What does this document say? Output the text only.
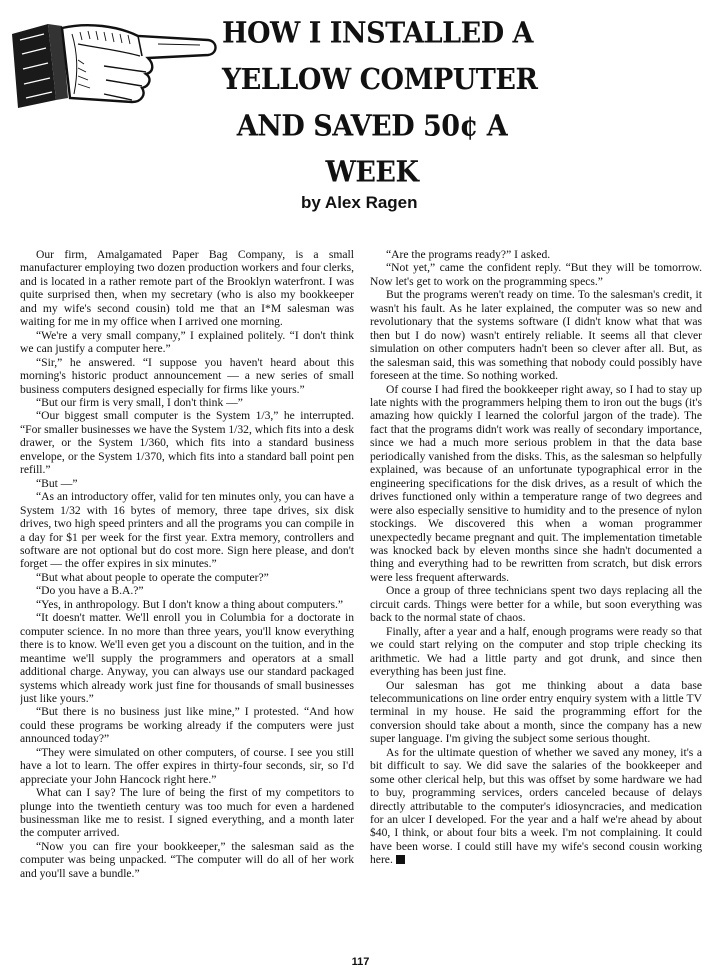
HOW I INSTALLED A
YELLOW COMPUTER
AND SAVED 50¢ A
WEEK

by Alex Ragen

Our firm, Amalgamated Paper Bag Company, is a small manufacturer employing two dozen production workers and four clerks, and is located in a rather remote part of the Brooklyn waterfront. I was quite surprised then, when my secretary (who is also my bookkeeper and my wife's second cousin) told me that an I*M salesman was waiting for me in my office when I arrived one morning.

“We're a very small company,” I explained politely. “I don't think we can justify a computer here.”

“Sir,” he answered. “I suppose you haven't heard about this morning's historic product announcement — a new series of small business computers designed especially for firms like yours.”

“But our firm is very small, I don't think —”

“Our biggest small computer is the System 1/3,” he interrupted. “For smaller businesses we have the System 1/32, which fits into a desk drawer, or the System 1/360, which fits into a standard business envelope, or the System 1/370, which fits into a standard ball point pen refill.”

“But —”

“As an introductory offer, valid for ten minutes only, you can have a System 1/32 with 16 bytes of memory, three tape drives, six disk drives, two high speed printers and all the programs you can compile in a day for $1 per week for the first year. Extra memory, controllers and software are not optional but do cost more. Sign here please, and don't forget — the offer expires in six minutes.”

“But what about people to operate the computer?”

“Do you have a B.A.?”

“Yes, in anthropology. But I don't know a thing about computers.”

“It doesn't matter. We'll enroll you in Columbia for a doctorate in computer science. In no more than three years, you'll know everything there is to know. We'll even get you a discount on the tuition, and in the meantime we'll supply the programmers and operators at a small additional charge. Anyway, you can always use our standard packaged systems which already work just fine for thousands of small businesses just like yours.”

“But there is no business just like mine,” I protested. “And how could these programs be working already if the computers were just announced today?”

“They were simulated on other computers, of course. I see you still have a lot to learn. The offer expires in thirty-four seconds, sir, so I'd appreciate your John Hancock right here.”

What can I say? The lure of being the first of my competitors to plunge into the twentieth century was too much for even a hardened businessman like me to resist. I signed everything, and a month later the computer arrived.

“Now you can fire your bookkeeper,” the salesman said as the computer was being unpacked. “The computer will do all of her work and you'll save a bundle.”

“Are the programs ready?” I asked.

“Not yet,” came the confident reply. “But they will be tomorrow. Now let's get to work on the programming specs.”

But the programs weren't ready on time. To the salesman's credit, it wasn't his fault. As he later explained, the computer was so new and revolutionary that the systems software (I didn't know what that was then but I do now) wasn't entirely reliable. It seems all that clever simulation on other computers hadn't been so clever after all. But, as the salesman said, this was something that nobody could possibly have foreseen at the time. So nothing worked.

Of course I had fired the bookkeeper right away, so I had to stay up late nights with the programmers helping them to iron out the bugs (it's amazing how quickly I learned the colorful jargon of the trade). The fact that the programs didn't work was really of secondary importance, since we had a much more serious problem in that the data base periodically vanished from the disks. This, as the salesman so helpfully explained, was because of an unfortunate typographical error in the engineering specifications for the disk drives, as a result of which the drives functioned only within a temperature range of two degrees and were also especially sensitive to humidity and to the presence of nylon stockings. We discovered this when a woman programmer unexpectedly became pregnant and quit. The implementation timetable was knocked back by eleven months since she hadn't documented a thing and everything had to be rewritten from scratch, but disk errors were less frequent afterwards.

Once a group of three technicians spent two days replacing all the circuit cards. Things were better for a while, but soon everything was back to the normal state of chaos.

Finally, after a year and a half, enough programs were ready so that we could start relying on the computer and stop triple checking its arithmetic. We had a little party and got drunk, and since then everything has been just fine.

Our salesman has got me thinking about a data base telecommunications on line order entry enquiry system with a little TV terminal in my house. He said the programming effort for the conversion should take about a month, since the company has a new super language. I'm giving the subject some serious thought.

As for the ultimate question of whether we saved any money, it's a bit difficult to say. We did save the salaries of the bookkeeper and some other clerical help, but this was offset by some hardware we had to buy, programming services, orders canceled because of delays directly attributable to the computer's idiosyncracies, and medication for an ulcer I developed. For the year and a half we're ahead by about $40, I think, or about four bits a week. I'm not complaining. It could have been worse. I could still have my wife's second cousin working here.

117
